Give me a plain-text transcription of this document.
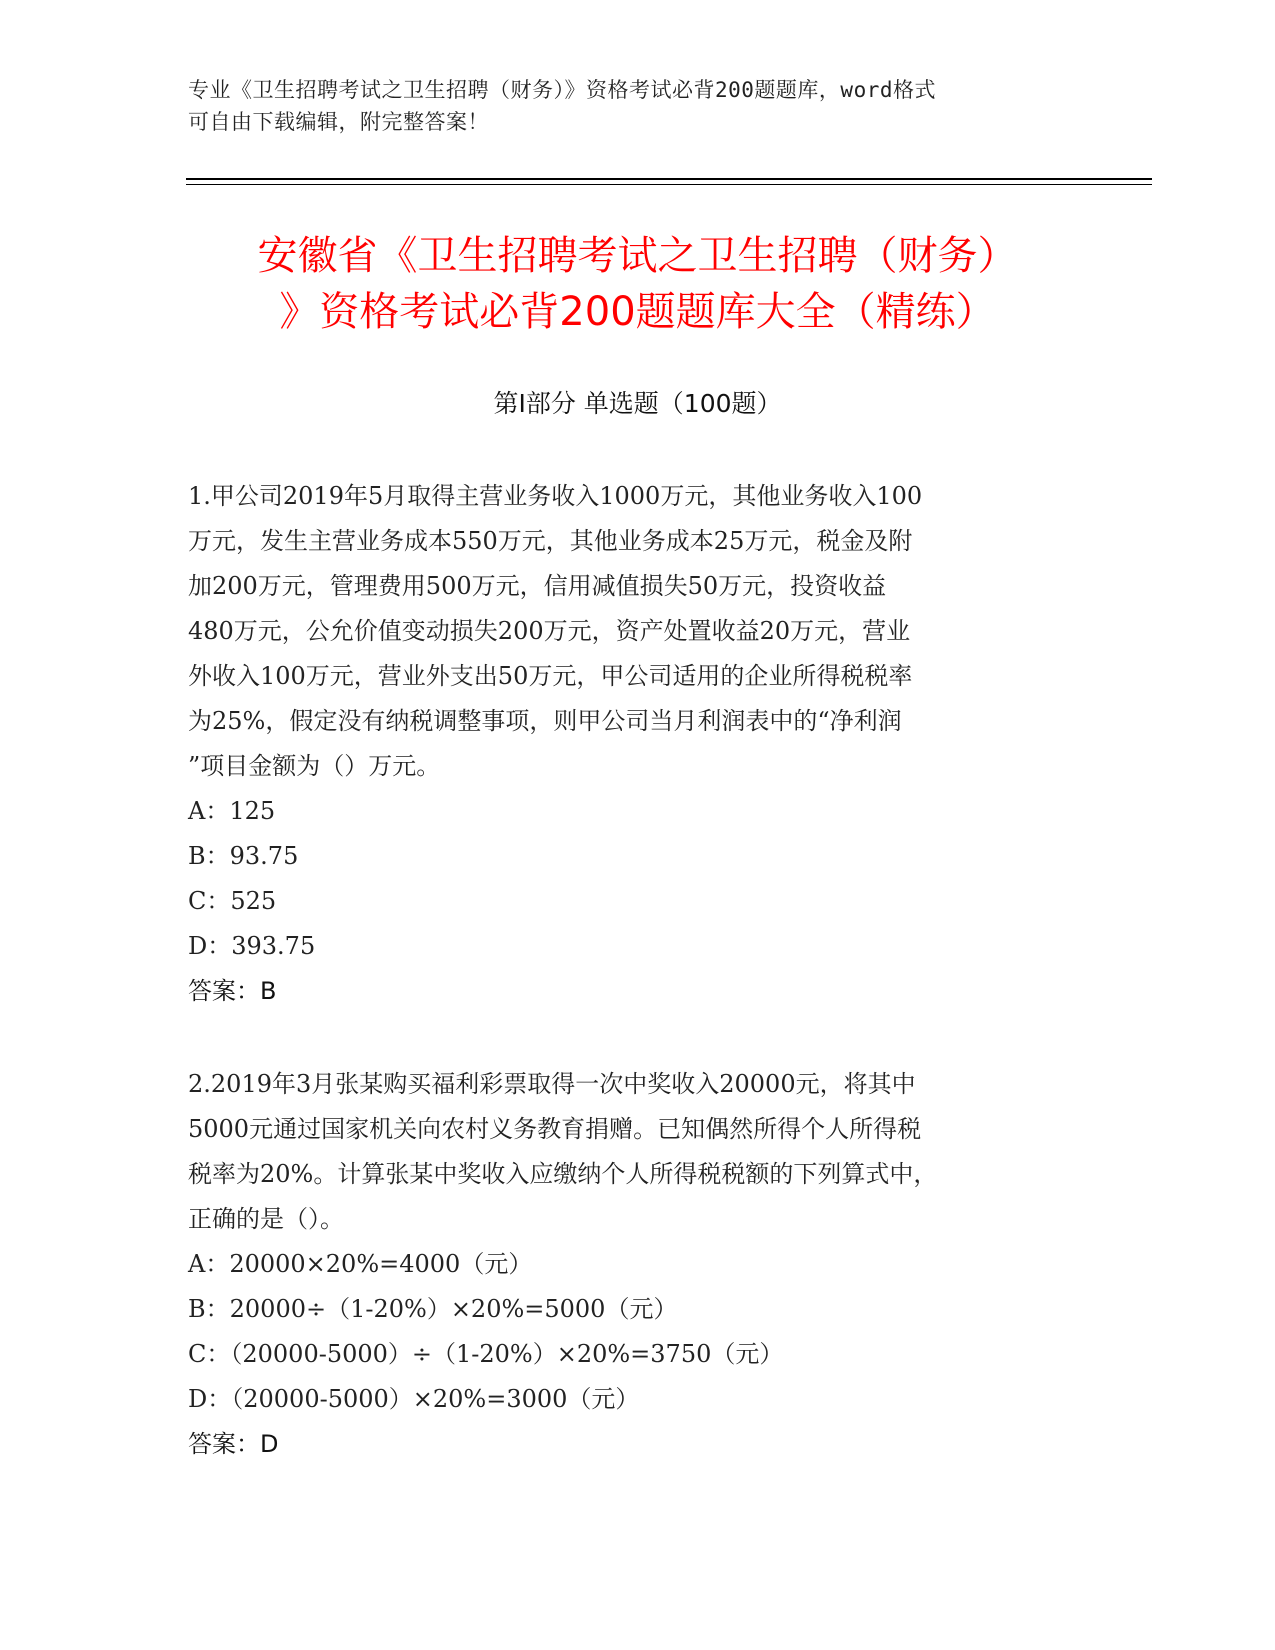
专业《卫生招聘考试之卫生招聘（财务）》资格考试必背200题题库，word格式
可自由下载编辑，附完整答案！
安徽省《卫生招聘考试之卫生招聘（财务）
》资格考试必背200题题库大全（精练）
第Ⅰ部分 单选题（100题）
1.甲公司2019年5月取得主营业务收入1000万元，其他业务收入100
万元，发生主营业务成本550万元，其他业务成本25万元，税金及附
加200万元，管理费用500万元，信用减值损失50万元，投资收益
480万元，公允价值变动损失200万元，资产处置收益20万元，营业
外收入100万元，营业外支出50万元，甲公司适用的企业所得税税率
为25%，假定没有纳税调整事项，则甲公司当月利润表中的“净利润
”项目金额为（）万元。
A：125
B：93.75
C：525
D：393.75
答案：B
2.2019年3月张某购买福利彩票取得一次中奖收入20000元，将其中
5000元通过国家机关向农村义务教育捐赠。已知偶然所得个人所得税
税率为20%。计算张某中奖收入应缴纳个人所得税税额的下列算式中，
正确的是（）。
A：20000×20%=4000（元）
B：20000÷（1-20%）×20%=5000（元）
C：（20000-5000）÷（1-20%）×20%=3750（元）
D：（20000-5000）×20%=3000（元）
答案：D
